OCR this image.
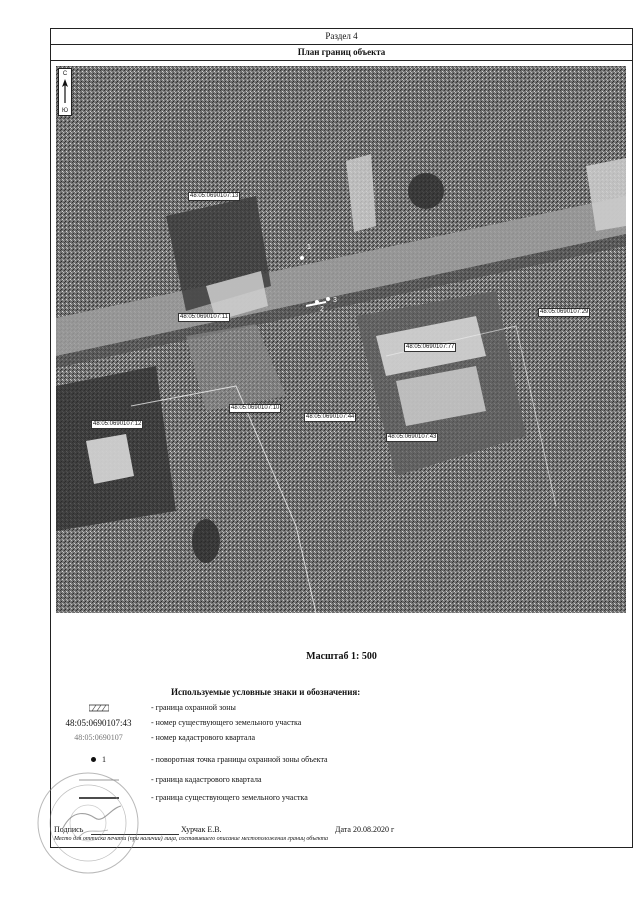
Раздел 4
План границ объекта
1
2
3
С
Ю
48:05:0690107:13
48:05:0690107:11
48:05:0690107:29
48:05:0690107:77
48:05:0690107:10
48:05:0690107:44
48:05:0690107:12
48:05:0690107:43
Масштаб 1: 500
Используемые условные знаки и обозначения:
- граница охранной зоны
48:05:0690107:43	- номер существующего земельного участка
48:05:0690107	- номер кадастрового квартала
1	- поворотная точка границы охранной зоны объекта
- граница кадастрового квартала
- граница существующего земельного участка
Подпись	Хурчак Е.В.	Дата 20.08.2020 г
Место для оттиска печати (при наличии) лица, составившего описание местоположения границ объекта
